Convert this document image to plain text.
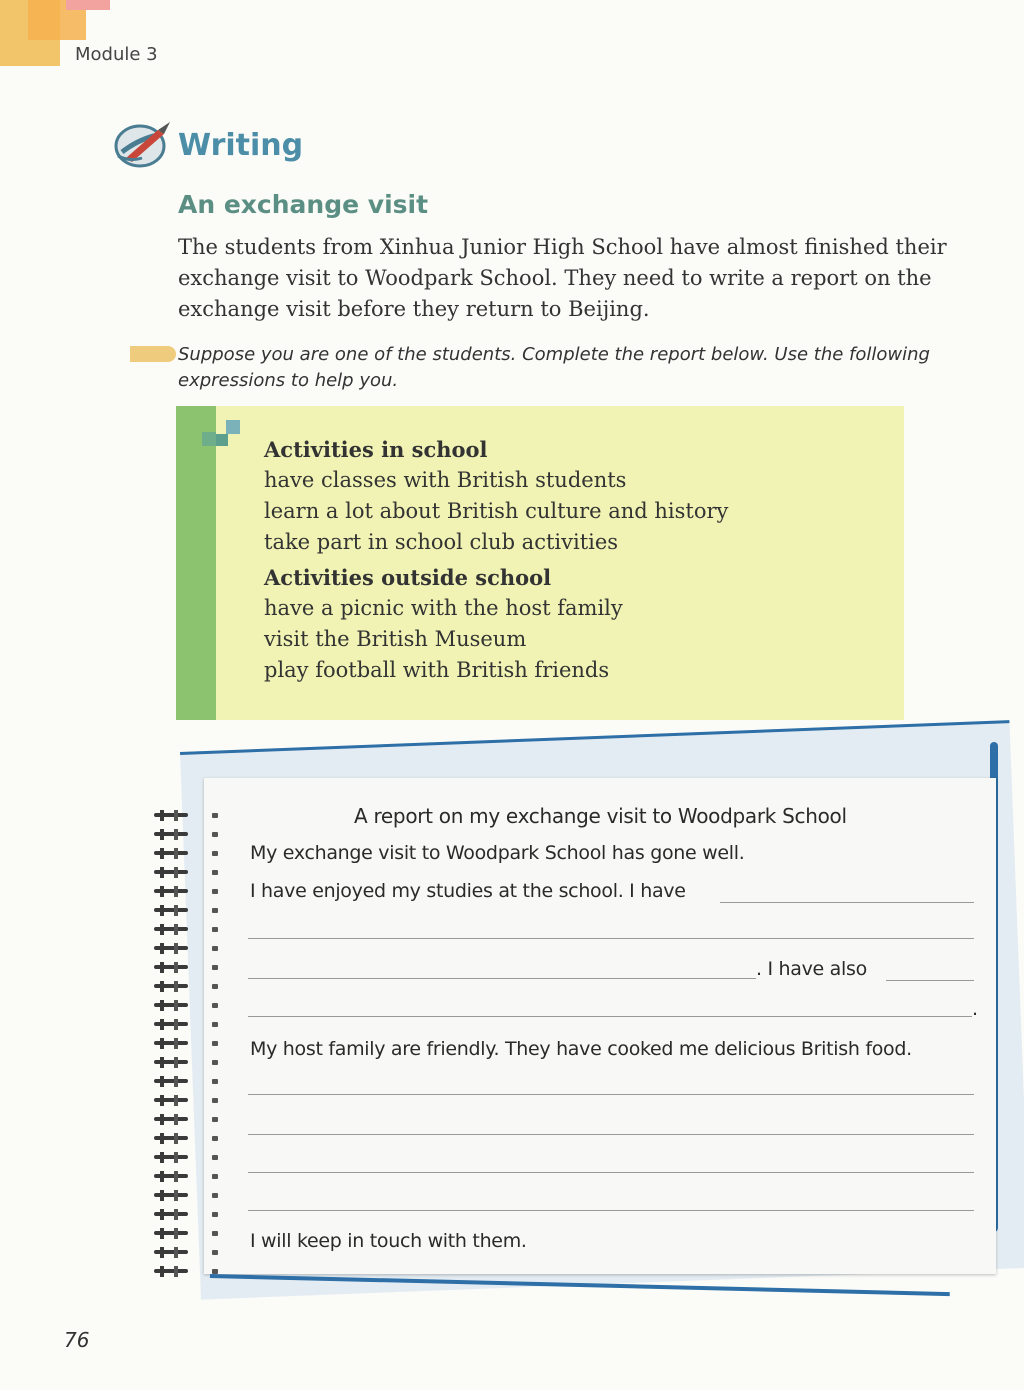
Module 3
Writing
An exchange visit
The students from Xinhua Junior High School have almost finished their
exchange visit to Woodpark School. They need to write a report on the
exchange visit before they return to Beijing.
Suppose you are one of the students. Complete the report below. Use the following
expressions to help you.
Activities in school
have classes with British students
learn a lot about British culture and history
take part in school club activities
Activities outside school
have a picnic with the host family
visit the British Museum
play football with British friends
A report on my exchange visit to Woodpark School
My exchange visit to Woodpark School has gone well.
I have enjoyed my studies at the school. I have
. I have also
.
My host family are friendly. They have cooked me delicious British food.
I will keep in touch with them.
76
